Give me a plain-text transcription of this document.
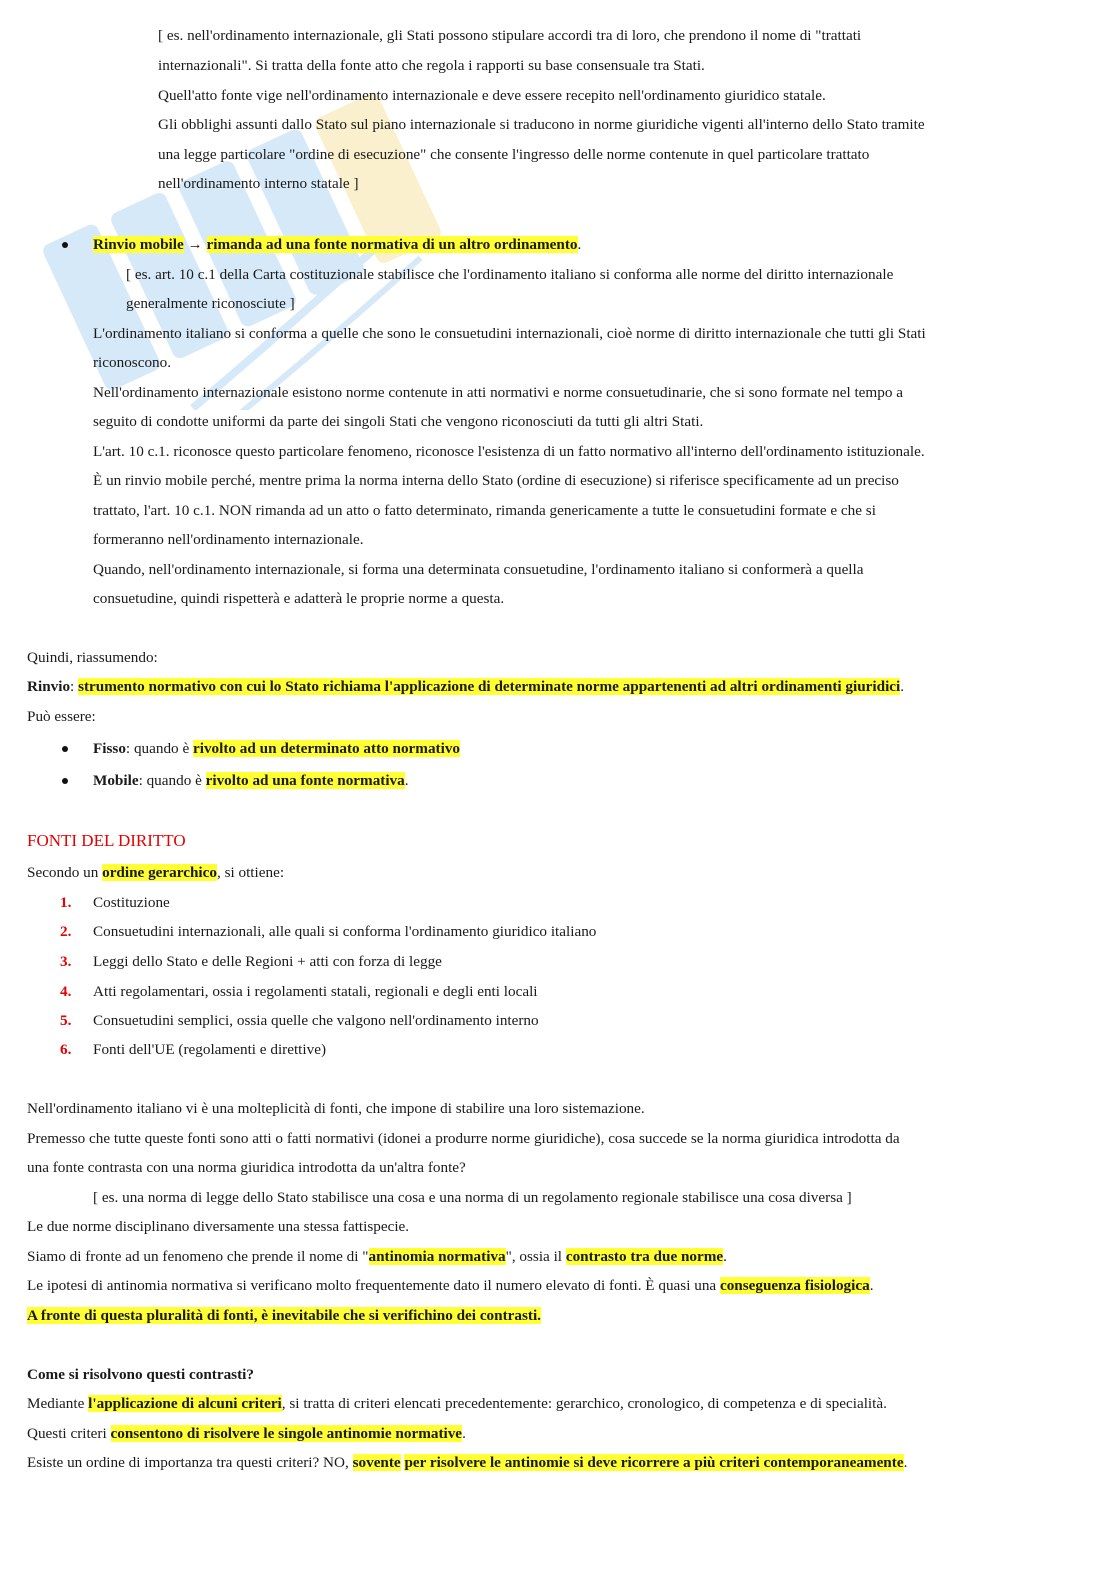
[ es. nell'ordinamento internazionale, gli Stati possono stipulare accordi tra di loro, che prendono il nome di "trattati
internazionali". Si tratta della fonte atto che regola i rapporti su base consensuale tra Stati.
Quell'atto fonte vige nell'ordinamento internazionale e deve essere recepito nell'ordinamento giuridico statale.
Gli obblighi assunti dallo Stato sul piano internazionale si traducono in norme giuridiche vigenti all'interno dello Stato tramite
una legge particolare "ordine di esecuzione" che consente l'ingresso delle norme contenute in quel particolare trattato
nell'ordinamento interno statale ]
Rinvio mobile → rimanda ad una fonte normativa di un altro ordinamento.
[ es. art. 10 c.1 della Carta costituzionale stabilisce che l'ordinamento italiano si conforma alle norme del diritto internazionale
generalmente riconosciute ]
L'ordinamento italiano si conforma a quelle che sono le consuetudini internazionali, cioè norme di diritto internazionale che tutti gli Stati
riconoscono.
Nell'ordinamento internazionale esistono norme contenute in atti normativi e norme consuetudinarie, che si sono formate nel tempo a
seguito di condotte uniformi da parte dei singoli Stati che vengono riconosciuti da tutti gli altri Stati.
L'art. 10 c.1. riconosce questo particolare fenomeno, riconosce l'esistenza di un fatto normativo all'interno dell'ordinamento istituzionale.
È un rinvio mobile perché, mentre prima la norma interna dello Stato (ordine di esecuzione) si riferisce specificamente ad un preciso
trattato, l'art. 10 c.1. NON rimanda ad un atto o fatto determinato, rimanda genericamente a tutte le consuetudini formate e che si
formeranno nell'ordinamento internazionale.
Quando, nell'ordinamento internazionale, si forma una determinata consuetudine, l'ordinamento italiano si conformerà a quella
consuetudine, quindi rispetterà e adatterà le proprie norme a questa.
Quindi, riassumendo:
Rinvio: strumento normativo con cui lo Stato richiama l'applicazione di determinate norme appartenenti ad altri ordinamenti giuridici.
Può essere:
Fisso: quando è rivolto ad un determinato atto normativo
Mobile: quando è rivolto ad una fonte normativa.
FONTI DEL DIRITTO
Secondo un ordine gerarchico, si ottiene:
1. Costituzione
2. Consuetudini internazionali, alle quali si conforma l'ordinamento giuridico italiano
3. Leggi dello Stato e delle Regioni + atti con forza di legge
4. Atti regolamentari, ossia i regolamenti statali, regionali e degli enti locali
5. Consuetudini semplici, ossia quelle che valgono nell'ordinamento interno
6. Fonti dell'UE (regolamenti e direttive)
Nell'ordinamento italiano vi è una molteplicità di fonti, che impone di stabilire una loro sistemazione.
Premesso che tutte queste fonti sono atti o fatti normativi (idonei a produrre norme giuridiche), cosa succede se la norma giuridica introdotta da
una fonte contrasta con una norma giuridica introdotta da un'altra fonte?
[ es. una norma di legge dello Stato stabilisce una cosa e una norma di un regolamento regionale stabilisce una cosa diversa ]
Le due norme disciplinano diversamente una stessa fattispecie.
Siamo di fronte ad un fenomeno che prende il nome di "antinomia normativa", ossia il contrasto tra due norme.
Le ipotesi di antinomia normativa si verificano molto frequentemente dato il numero elevato di fonti. È quasi una conseguenza fisiologica.
A fronte di questa pluralità di fonti, è inevitabile che si verifichino dei contrasti.
Come si risolvono questi contrasti?
Mediante l'applicazione di alcuni criteri, si tratta di criteri elencati precedentemente: gerarchico, cronologico, di competenza e di specialità.
Questi criteri consentono di risolvere le singole antinomie normative.
Esiste un ordine di importanza tra questi criteri? NO, sovente per risolvere le antinomie si deve ricorrere a più criteri contemporaneamente.
